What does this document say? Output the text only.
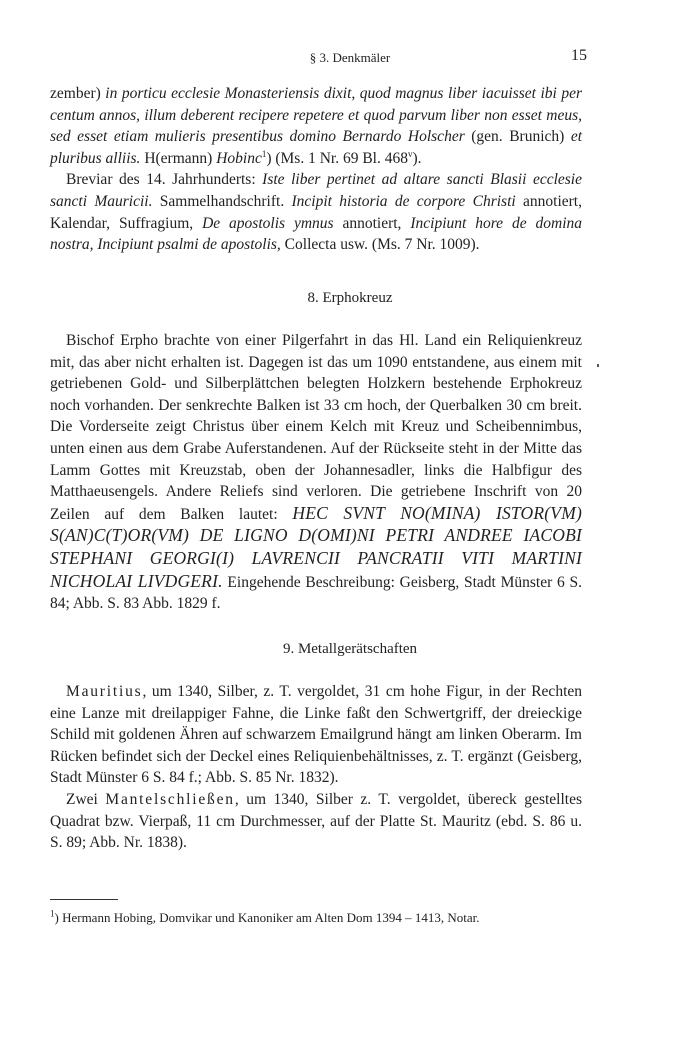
§ 3. Denkmäler	15

zember) in porticu ecclesie Monasteriensis dixit, quod magnus liber iacuisset ibi per centum annos, illum deberent recipere repetere et quod parvum liber non esset meus, sed esset etiam mulieris presentibus domino Bernardo Holscher (gen. Brunich) et pluribus alliis. H(ermann) Hobinc$^1$) (Ms. 1 Nr. 69 Bl. 468$^v$).

Breviar des 14. Jahrhunderts: Iste liber pertinet ad altare sancti Blasii ecclesie sancti Mauricii. Sammelhandschrift. Incipit historia de corpore Christi annotiert, Kalendar, Suffragium, De apostolis ymnus annotiert, Incipiunt hore de domina nostra, Incipiunt psalmi de apostolis, Collecta usw. (Ms. 7 Nr. 1009).

8. Erphokreuz

Bischof Erpho brachte von einer Pilgerfahrt in das Hl. Land ein Reliquienkreuz mit, das aber nicht erhalten ist. Dagegen ist das um 1090 entstandene, aus einem mit getriebenen Gold- und Silberplättchen belegten Holzkern bestehende Erphokreuz noch vorhanden. Der senkrechte Balken ist 33 cm hoch, der Querbalken 30 cm breit. Die Vorderseite zeigt Christus über einem Kelch mit Kreuz und Scheibennimbus, unten einen aus dem Grabe Auferstandenen. Auf der Rückseite steht in der Mitte das Lamm Gottes mit Kreuzstab, oben der Johannesadler, links die Halbfigur des Matthaeusengels. Andere Reliefs sind verloren. Die getriebene Inschrift von 20 Zeilen auf dem Balken lautet: HEC SVNT NO(MINA) ISTOR(VM) S(AN)C(T)OR(VM) DE LIGNO D(OMI)NI PETRI ANDREE IACOBI STEPHANI GEORGI(I) LAVRENCII PANCRATII VITI MARTINI NICHOLAI LIVDGERI. Eingehende Beschreibung: Geisberg, Stadt Münster 6 S. 84; Abb. S. 83 Abb. 1829 f.

9. Metallgerätschaften

Mauritius, um 1340, Silber, z. T. vergoldet, 31 cm hohe Figur, in der Rechten eine Lanze mit dreilappiger Fahne, die Linke faßt den Schwertgriff, der dreieckige Schild mit goldenen Ähren auf schwarzem Emailgrund hängt am linken Oberarm. Im Rücken befindet sich der Deckel eines Reliquienbehältnisses, z. T. ergänzt (Geisberg, Stadt Münster 6 S. 84 f.; Abb. S. 85 Nr. 1832).

Zwei Mantelschließen, um 1340, Silber z. T. vergoldet, übereck gestelltes Quadrat bzw. Vierpaß, 11 cm Durchmesser, auf der Platte St. Mauritz (ebd. S. 86 u. S. 89; Abb. Nr. 1838).

$^1$) Hermann Hobing, Domvikar und Kanoniker am Alten Dom 1394 – 1413, Notar.
